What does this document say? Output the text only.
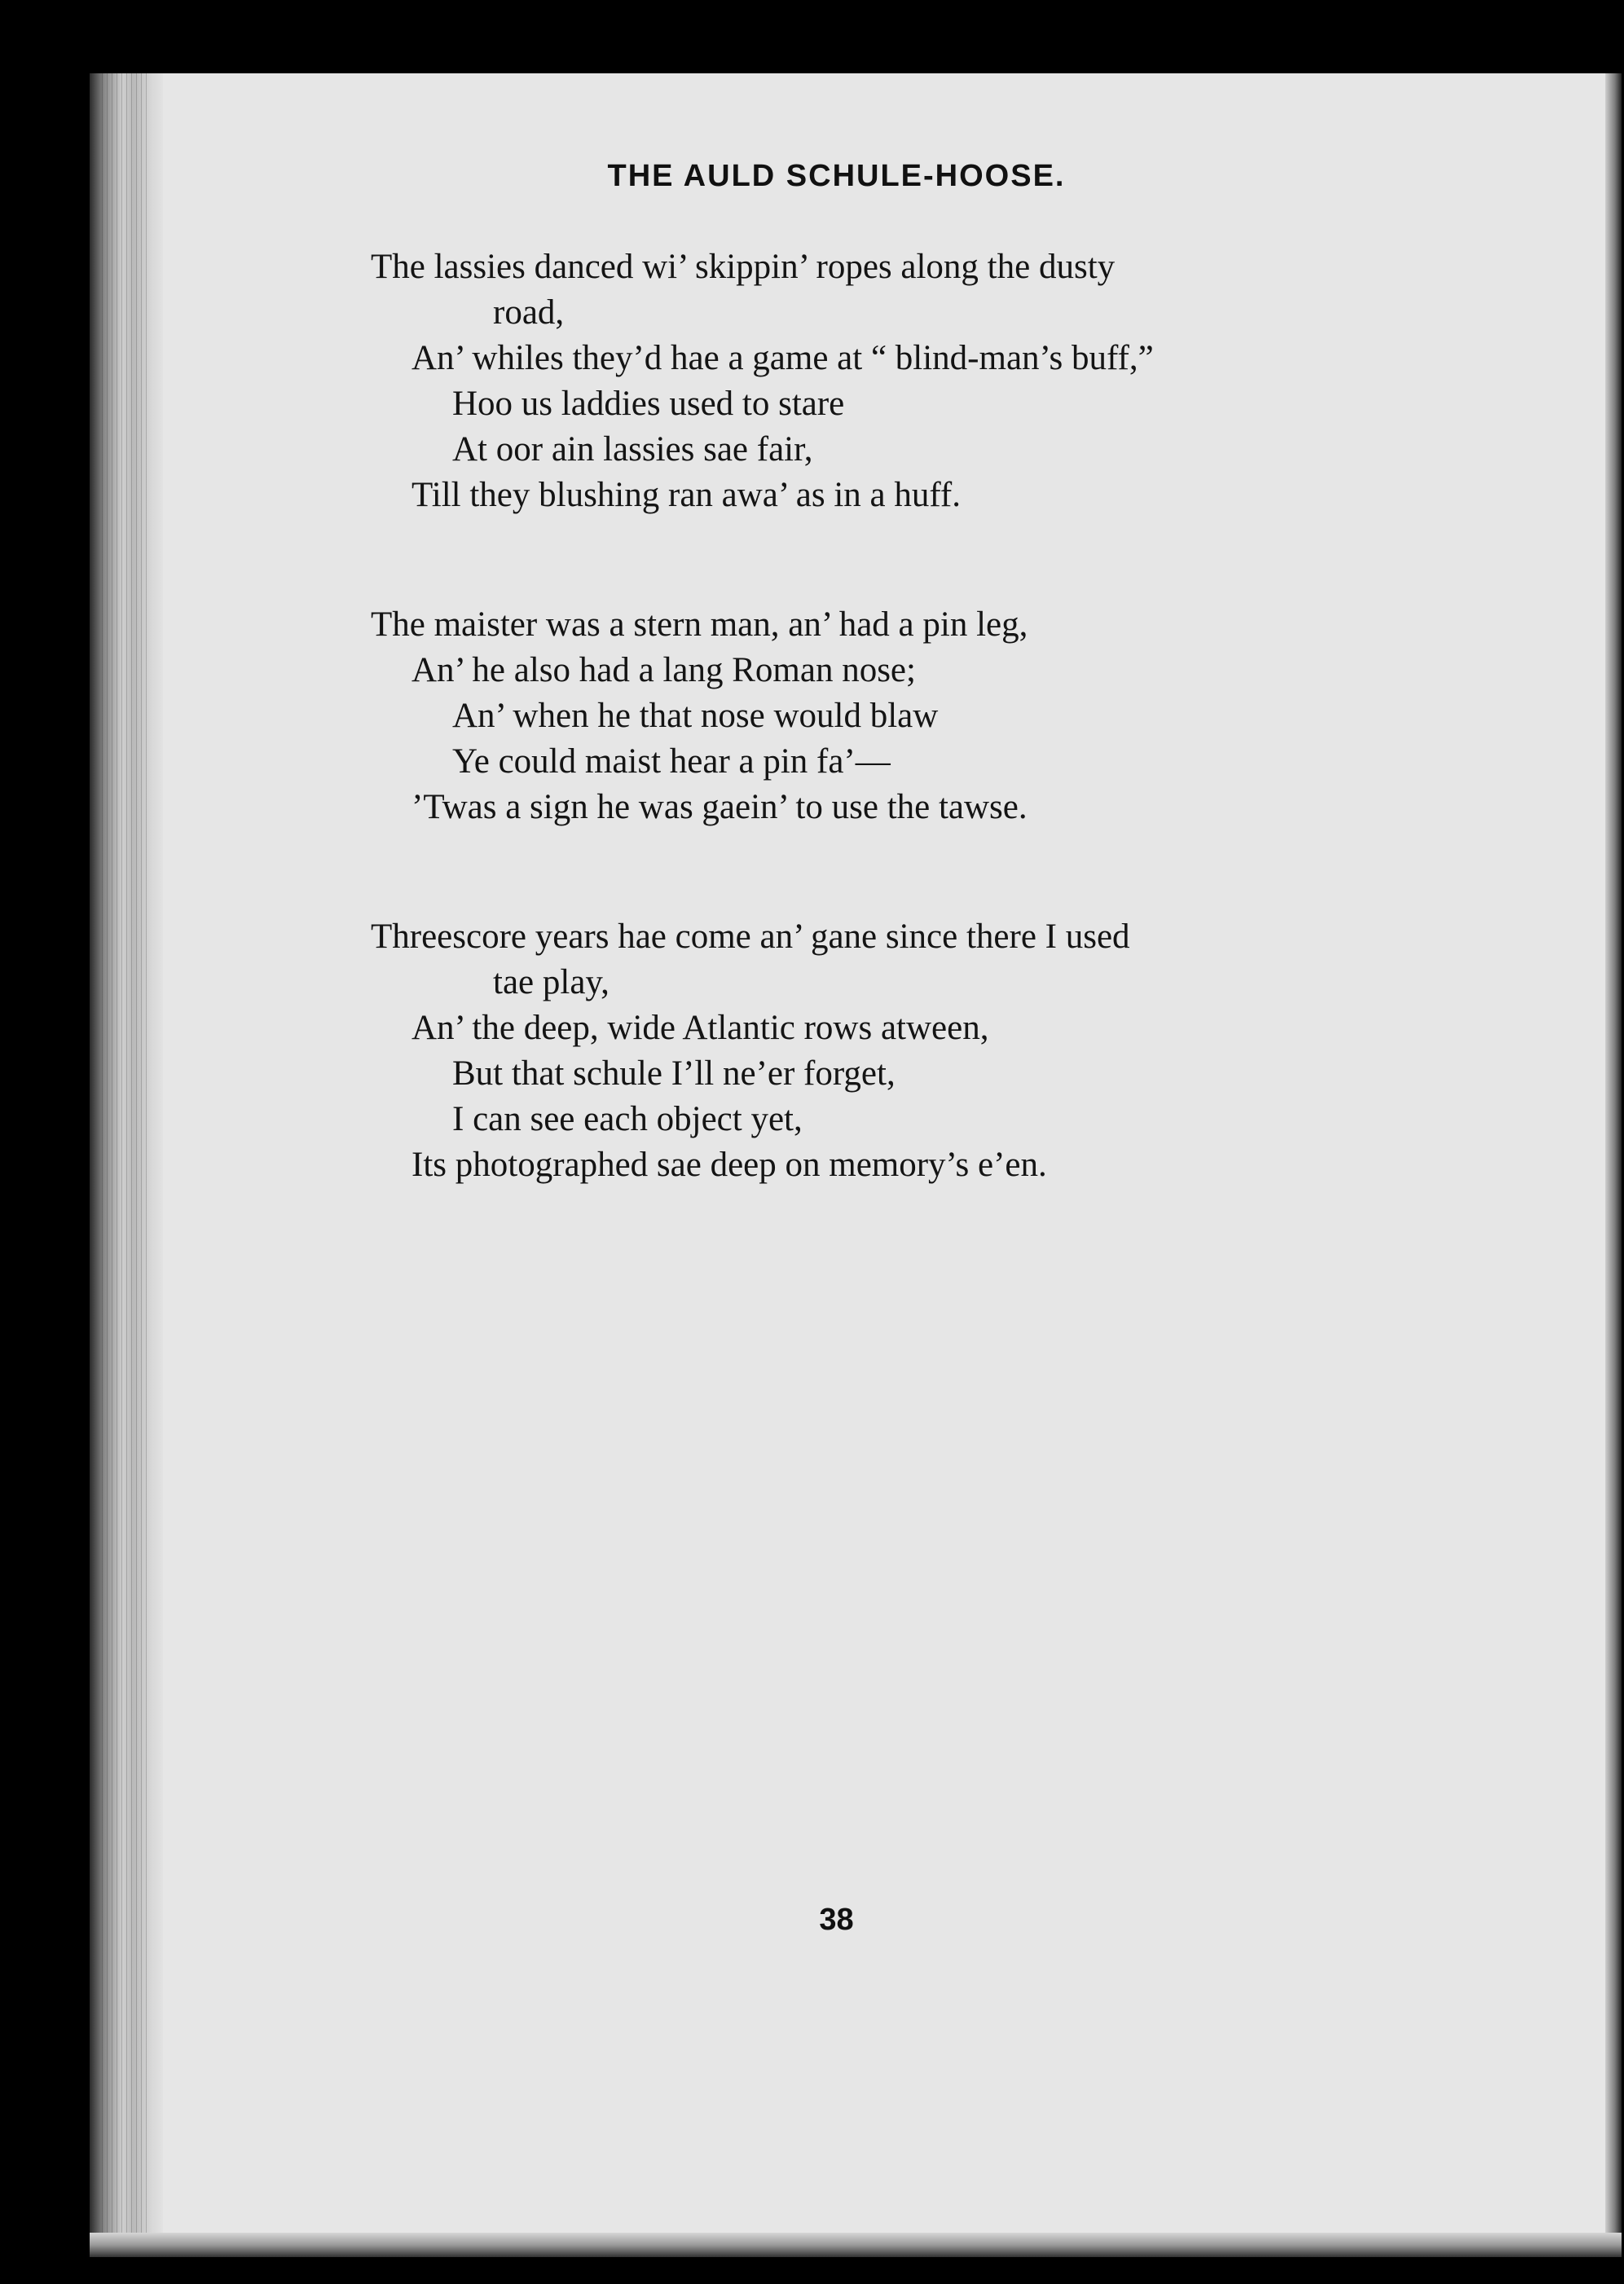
THE AULD SCHULE-HOOSE.
The lassies danced wi’ skippin’ ropes along the dusty
road,
An’ whiles they’d hae a game at “ blind-man’s buff,”
Hoo us laddies used to stare
At oor ain lassies sae fair,
Till they blushing ran awa’ as in a huff.
The maister was a stern man, an’ had a pin leg,
An’ he also had a lang Roman nose;
An’ when he that nose would blaw
Ye could maist hear a pin fa’—
’Twas a sign he was gaein’ to use the tawse.
Threescore years hae come an’ gane since there I used
tae play,
An’ the deep, wide Atlantic rows atween,
But that schule I’ll ne’er forget,
I can see each object yet,
Its photographed sae deep on memory’s e’en.
38
